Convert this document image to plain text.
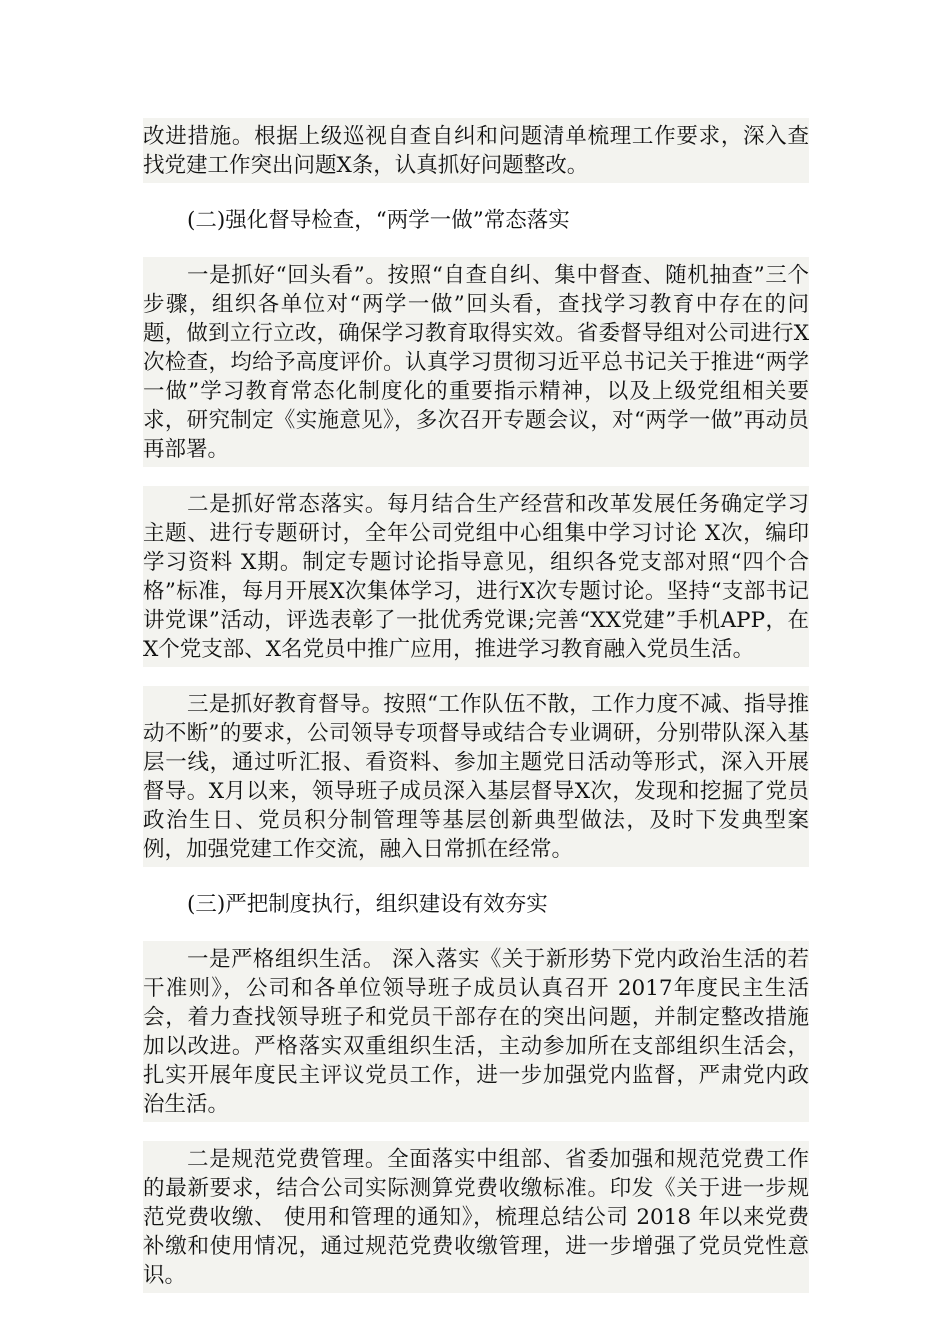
改进措施。根据上级巡视自查自纠和问题清单梳理工作要求，深入查找党建工作突出问题X条，认真抓好问题整改。

(二)强化督导检查，“两学一做”常态落实

一是抓好“回头看”。按照“自查自纠、集中督查、随机抽查”三个步骤，组织各单位对“两学一做”回头看，查找学习教育中存在的问题，做到立行立改，确保学习教育取得实效。省委督导组对公司进行X次检查，均给予高度评价。认真学习贯彻习近平总书记关于推进“两学一做”学习教育常态化制度化的重要指示精神，以及上级党组相关要求，研究制定《实施意见》，多次召开专题会议，对“两学一做”再动员再部署。

二是抓好常态落实。每月结合生产经营和改革发展任务确定学习主题、进行专题研讨，全年公司党组中心组集中学习讨论 X次，编印学习资料 X期。制定专题讨论指导意见，组织各党支部对照“四个合格”标准，每月开展X次集体学习，进行X次专题讨论。坚持“支部书记讲党课”活动，评选表彰了一批优秀党课;完善“XX党建”手机APP，在X个党支部、X名党员中推广应用，推进学习教育融入党员生活。

三是抓好教育督导。按照“工作队伍不散，工作力度不减、指导推动不断”的要求，公司领导专项督导或结合专业调研，分别带队深入基层一线，通过听汇报、看资料、参加主题党日活动等形式，深入开展督导。X月以来，领导班子成员深入基层督导X次，发现和挖掘了党员政治生日、党员积分制管理等基层创新典型做法，及时下发典型案例，加强党建工作交流，融入日常抓在经常。

(三)严把制度执行，组织建设有效夯实

一是严格组织生活。 深入落实《关于新形势下党内政治生活的若干准则》，公司和各单位领导班子成员认真召开 2017年度民主生活会，着力查找领导班子和党员干部存在的突出问题，并制定整改措施加以改进。严格落实双重组织生活，主动参加所在支部组织生活会，扎实开展年度民主评议党员工作，进一步加强党内监督，严肃党内政治生活。

二是规范党费管理。全面落实中组部、省委加强和规范党费工作的最新要求，结合公司实际测算党费收缴标准。印发《关于进一步规范党费收缴、 使用和管理的通知》，梳理总结公司 2018 年以来党费补缴和使用情况，通过规范党费收缴管理，进一步增强了党员党性意识。
